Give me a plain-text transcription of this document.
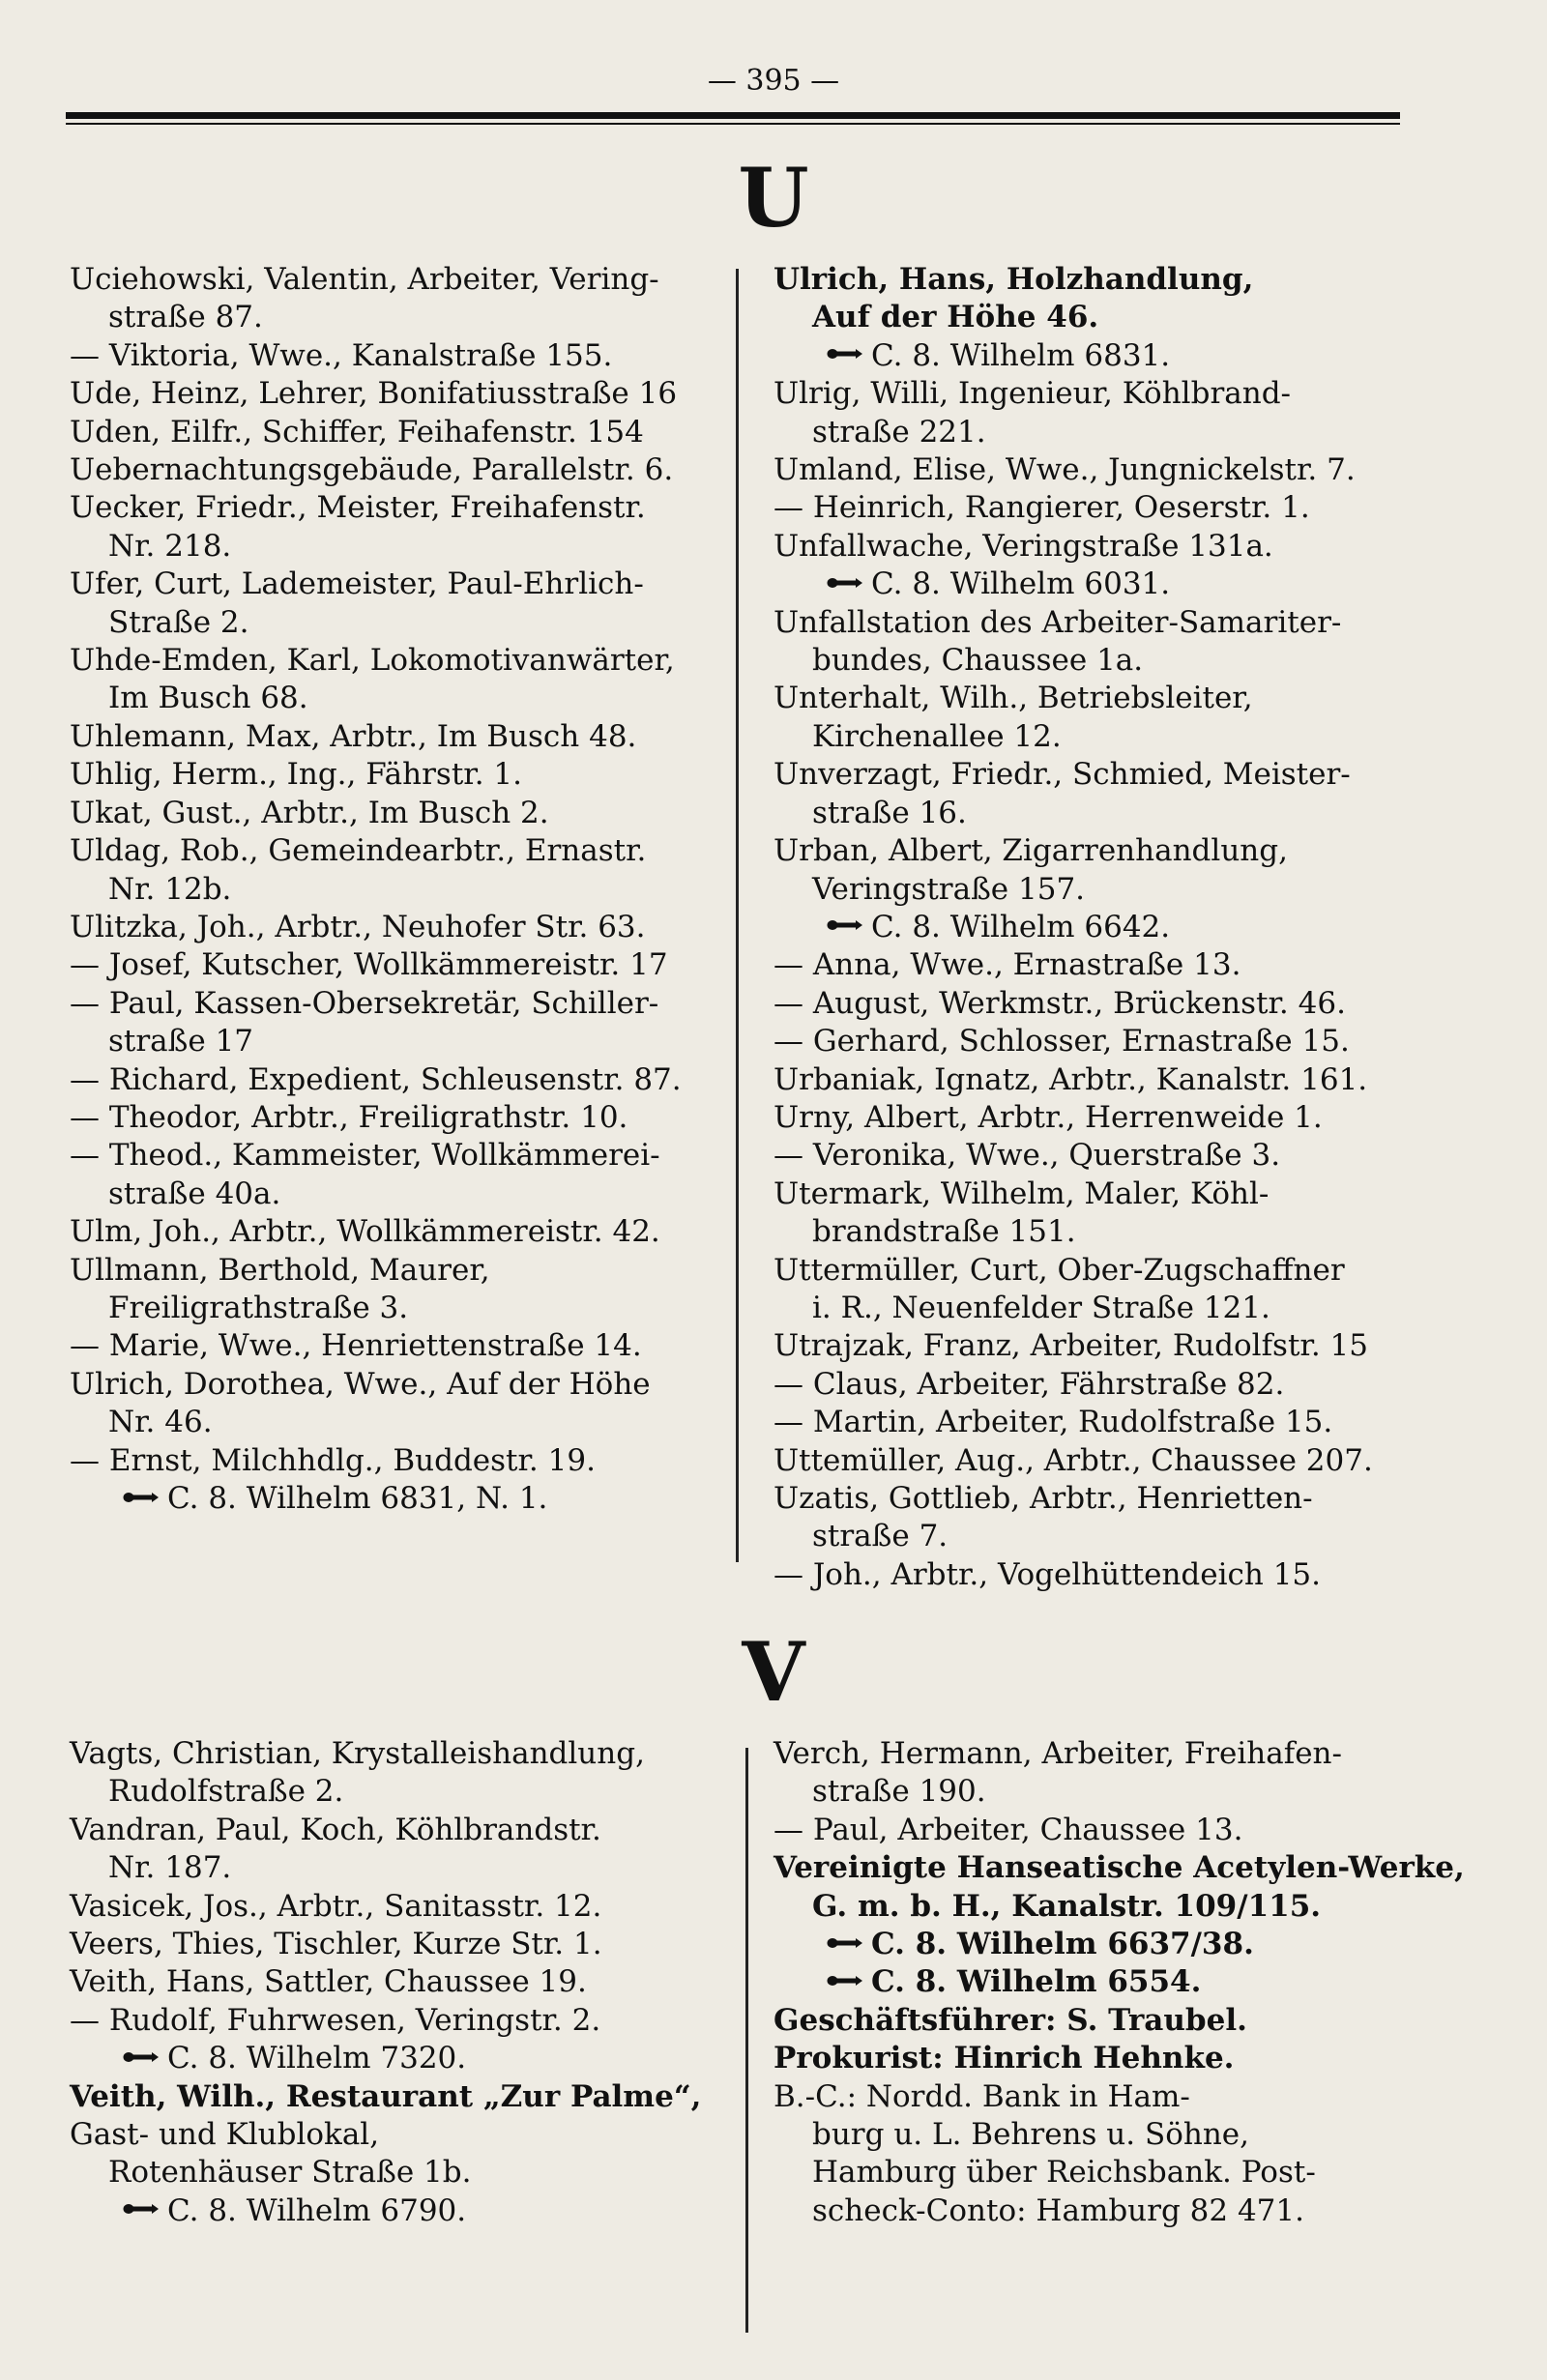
— 395 —
U
Uciehowski, Valentin, Arbeiter, Vering-
straße 87.
— Viktoria, Wwe., Kanalstraße 155.
Ude, Heinz, Lehrer, Bonifatiusstraße 16
Uden, Eilfr., Schiffer, Feihafenstr. 154
Uebernachtungsgebäude, Parallelstr. 6.
Uecker, Friedr., Meister, Freihafenstr.
Nr. 218.
Ufer, Curt, Lademeister, Paul-Ehrlich-
Straße 2.
Uhde-Emden, Karl, Lokomotivanwärter,
Im Busch 68.
Uhlemann, Max, Arbtr., Im Busch 48.
Uhlig, Herm., Ing., Fährstr. 1.
Ukat, Gust., Arbtr., Im Busch 2.
Uldag, Rob., Gemeindearbtr., Ernastr.
Nr. 12b.
Ulitzka, Joh., Arbtr., Neuhofer Str. 63.
— Josef, Kutscher, Wollkämmereistr. 17
— Paul, Kassen-Obersekretär, Schiller-
straße 17
— Richard, Expedient, Schleusenstr. 87.
— Theodor, Arbtr., Freiligrathstr. 10.
— Theod., Kammeister, Wollkämmerei-
straße 40a.
Ulm, Joh., Arbtr., Wollkämmereistr. 42.
Ullmann, Berthold, Maurer,
Freiligrathstraße 3.
— Marie, Wwe., Henriettenstraße 14.
Ulrich, Dorothea, Wwe., Auf der Höhe
Nr. 46.
— Ernst, Milchhdlg., Buddestr. 19.
C. 8. Wilhelm 6831, N. 1.
Ulrich, Hans, Holzhandlung,
Auf der Höhe 46.
C. 8. Wilhelm 6831.
Ulrig, Willi, Ingenieur, Köhlbrand-
straße 221.
Umland, Elise, Wwe., Jungnickelstr. 7.
— Heinrich, Rangierer, Oeserstr. 1.
Unfallwache, Veringstraße 131a.
C. 8. Wilhelm 6031.
Unfallstation des Arbeiter-Samariter-
bundes, Chaussee 1a.
Unterhalt, Wilh., Betriebsleiter,
Kirchenallee 12.
Unverzagt, Friedr., Schmied, Meister-
straße 16.
Urban, Albert, Zigarrenhandlung,
Veringstraße 157.
C. 8. Wilhelm 6642.
— Anna, Wwe., Ernastraße 13.
— August, Werkmstr., Brückenstr. 46.
— Gerhard, Schlosser, Ernastraße 15.
Urbaniak, Ignatz, Arbtr., Kanalstr. 161.
Urny, Albert, Arbtr., Herrenweide 1.
— Veronika, Wwe., Querstraße 3.
Utermark, Wilhelm, Maler, Köhl-
brandstraße 151.
Uttermüller, Curt, Ober-Zugschaffner
i. R., Neuenfelder Straße 121.
Utrajzak, Franz, Arbeiter, Rudolfstr. 15
— Claus, Arbeiter, Fährstraße 82.
— Martin, Arbeiter, Rudolfstraße 15.
Uttemüller, Aug., Arbtr., Chaussee 207.
Uzatis, Gottlieb, Arbtr., Henrietten-
straße 7.
— Joh., Arbtr., Vogelhüttendeich 15.
V
Vagts, Christian, Krystalleishandlung,
Rudolfstraße 2.
Vandran, Paul, Koch, Köhlbrandstr.
Nr. 187.
Vasicek, Jos., Arbtr., Sanitasstr. 12.
Veers, Thies, Tischler, Kurze Str. 1.
Veith, Hans, Sattler, Chaussee 19.
— Rudolf, Fuhrwesen, Veringstr. 2.
C. 8. Wilhelm 7320.
Veith, Wilh., Restaurant „Zur Palme“,
Gast- und Klublokal,
Rotenhäuser Straße 1b.
C. 8. Wilhelm 6790.
Verch, Hermann, Arbeiter, Freihafen-
straße 190.
— Paul, Arbeiter, Chaussee 13.
Vereinigte Hanseatische Acetylen-Werke,
G. m. b. H., Kanalstr. 109/115.
C. 8. Wilhelm 6637/38.
C. 8. Wilhelm 6554.
Geschäftsführer: S. Traubel.
Prokurist: Hinrich Hehnke.
B.-C.: Nordd. Bank in Ham-
burg u. L. Behrens u. Söhne,
Hamburg über Reichsbank. Post-
scheck-Conto: Hamburg 82 471.
